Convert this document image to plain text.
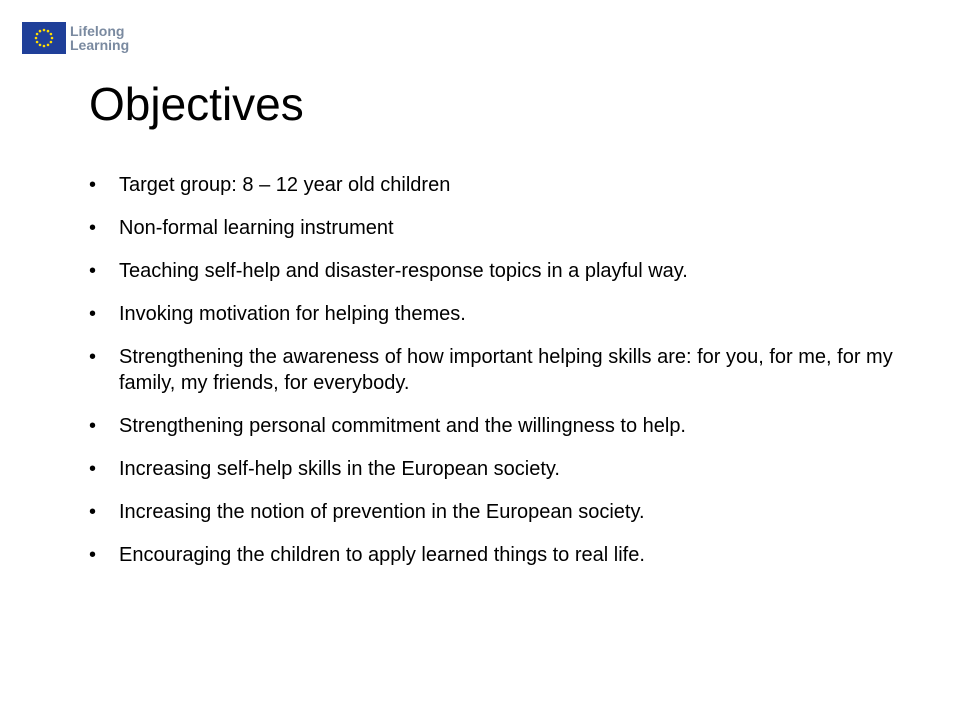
Lifelong
Learning
Objectives
•	Target group: 8 – 12 year old children
•	Non-formal learning instrument
•	Teaching self-help and disaster-response topics in a playful way.
•	Invoking motivation for helping themes.
•	Strengthening the awareness of how important helping skills are: for you, for me, for my family, my friends, for everybody.
•	Strengthening personal commitment and the willingness to help.
•	Increasing self-help skills in the European society.
•	Increasing the notion of prevention in the European society.
•	Encouraging the children to apply learned things to real life.
